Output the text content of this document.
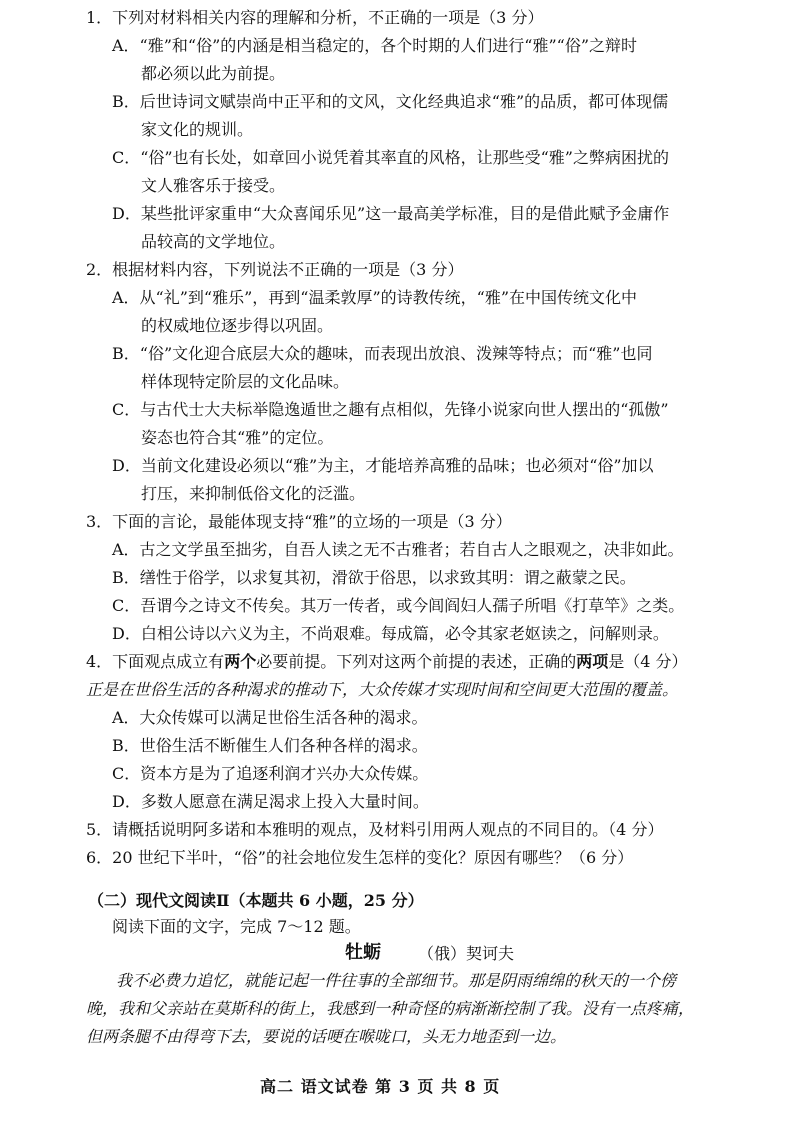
1．下列对材料相关内容的理解和分析，不正确的一项是（3 分）
A．“雅”和“俗”的内涵是相当稳定的，各个时期的人们进行“雅”“俗”之辩时
都必须以此为前提。
B．后世诗词文赋崇尚中正平和的文风，文化经典追求“雅”的品质，都可体现儒
家文化的规训。
C．“俗”也有长处，如章回小说凭着其率直的风格，让那些受“雅”之弊病困扰的
文人雅客乐于接受。
D．某些批评家重申“大众喜闻乐见”这一最高美学标准，目的是借此赋予金庸作
品较高的文学地位。
2．根据材料内容，下列说法不正确的一项是（3 分）
A．从“礼”到“雅乐”，再到“温柔敦厚”的诗教传统，“雅”在中国传统文化中
的权威地位逐步得以巩固。
B．“俗”文化迎合底层大众的趣味，而表现出放浪、泼辣等特点；而“雅”也同
样体现特定阶层的文化品味。
C．与古代士大夫标举隐逸遁世之趣有点相似，先锋小说家向世人摆出的“孤傲”
姿态也符合其“雅”的定位。
D．当前文化建设必须以“雅”为主，才能培养高雅的品味；也必须对“俗”加以
打压，来抑制低俗文化的泛滥。
3．下面的言论，最能体现支持“雅”的立场的一项是（3 分）
A．古之文学虽至拙劣，自吾人读之无不古雅者；若自古人之眼观之，决非如此。
B．缮性于俗学，以求复其初，滑欲于俗思，以求致其明：谓之蔽蒙之民。
C．吾谓今之诗文不传矣。其万一传者，或今闾阎妇人孺子所唱《打草竿》之类。
D．白相公诗以六义为主，不尚艰难。每成篇，必令其家老妪读之，问解则录。
4．下面观点成立有两个必要前提。下列对这两个前提的表述，正确的两项是（4 分）
正是在世俗生活的各种渴求的推动下，大众传媒才实现时间和空间更大范围的覆盖。
A．大众传媒可以满足世俗生活各种的渴求。
B．世俗生活不断催生人们各种各样的渴求。
C．资本方是为了追逐利润才兴办大众传媒。
D．多数人愿意在满足渴求上投入大量时间。
5．请概括说明阿多诺和本雅明的观点，及材料引用两人观点的不同目的。（4 分）
6．20 世纪下半叶，“俗”的社会地位发生怎样的变化？原因有哪些？（6 分）
（二）现代文阅读Ⅱ（本题共 6 小题，25 分）
阅读下面的文字，完成 7～12 题。
牡蛎 （俄）契诃夫
我不必费力追忆，就能记起一件往事的全部细节。那是阴雨绵绵的秋天的一个傍
晚，我和父亲站在莫斯科的街上，我感到一种奇怪的病渐渐控制了我。没有一点疼痛，
但两条腿不由得弯下去，要说的话哽在喉咙口，头无力地歪到一边。
高二 语文试卷 第 3 页 共 8 页
